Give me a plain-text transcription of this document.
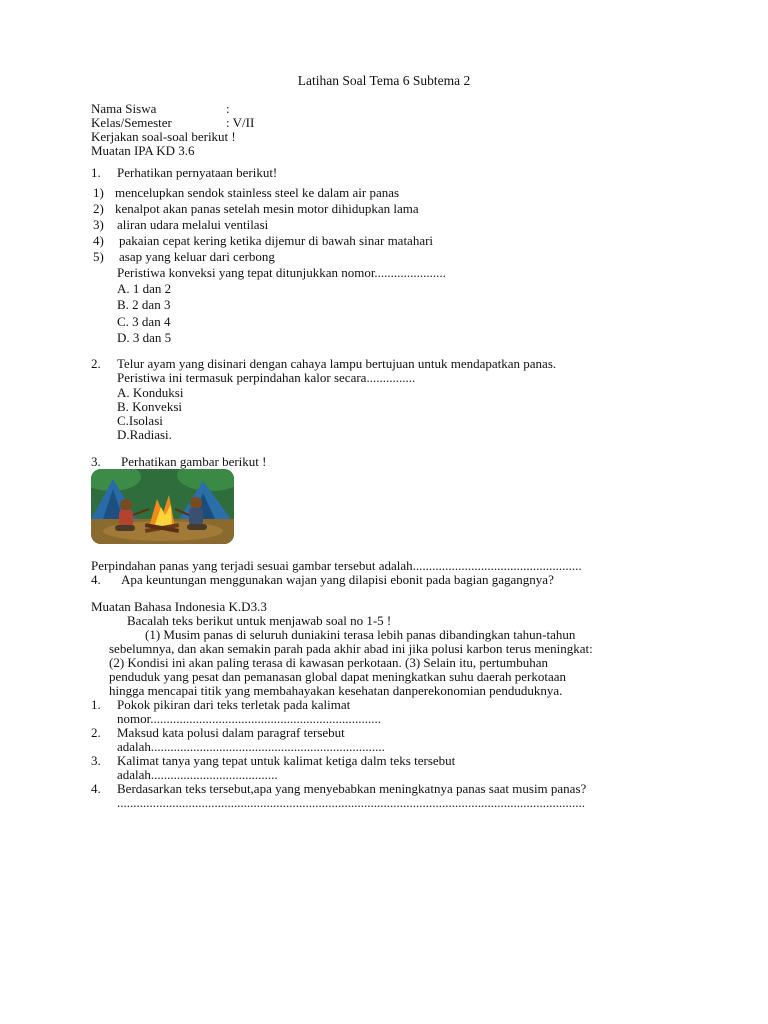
Latihan Soal Tema 6 Subtema 2
Nama Siswa	:
Kelas/Semester	: V/II
Kerjakan soal-soal berikut !
Muatan IPA KD 3.6
1. Perhatikan pernyataan berikut!
1) mencelupkan sendok stainless steel ke dalam air panas
2) kenalpot akan panas setelah mesin motor dihidupkan lama
3) aliran udara melalui ventilasi
4) pakaian cepat kering ketika dijemur di bawah sinar matahari
5) asap yang keluar dari cerbong
Peristiwa konveksi yang tepat ditunjukkan nomor......................
A. 1 dan 2
B. 2 dan 3
C. 3 dan 4
D. 3 dan 5
2. Telur ayam yang disinari dengan cahaya lampu bertujuan untuk mendapatkan panas.
Peristiwa ini termasuk perpindahan kalor secara...............
A. Konduksi
B. Konveksi
C.Isolasi
D.Radiasi.
3. Perhatikan gambar berikut !
Perpindahan panas yang terjadi sesuai gambar tersebut adalah....................................................
4. Apa keuntungan menggunakan wajan yang dilapisi ebonit pada bagian gagangnya?
Muatan Bahasa Indonesia K.D3.3
Bacalah teks berikut untuk menjawab soal no 1-5 !
(1) Musim panas di seluruh duniakini terasa lebih panas dibandingkan tahun-tahun
sebelumnya, dan akan semakin parah pada akhir abad ini jika polusi karbon terus meningkat:
(2) Kondisi ini akan paling terasa di kawasan perkotaan. (3) Selain itu, pertumbuhan
penduduk yang pesat dan pemanasan global dapat meningkatkan suhu daerah perkotaan
hingga mencapai titik yang membahayakan kesehatan danperekonomian penduduknya.
1. Pokok pikiran dari teks terletak pada kalimat
nomor.......................................................................
2. Maksud kata polusi dalam paragraf tersebut
adalah........................................................................
3. Kalimat tanya yang tepat untuk kalimat ketiga dalm teks tersebut
adalah.......................................
4. Berdasarkan teks tersebut,apa yang menyebabkan meningkatnya panas saat musim panas?
................................................................................................................................................
